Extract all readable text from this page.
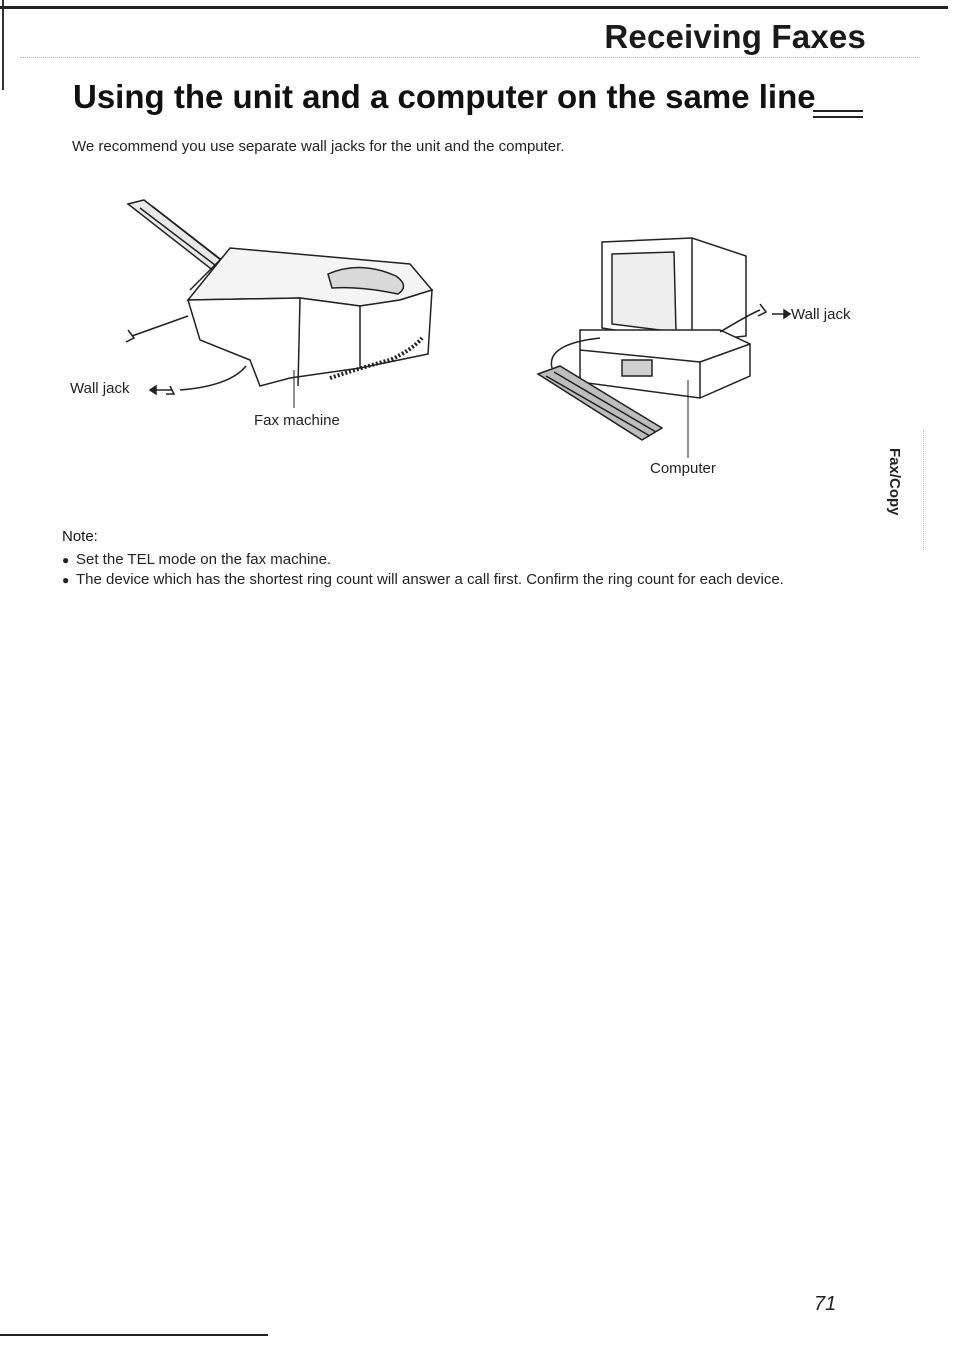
Receiving Faxes
Using the unit and a computer on the same line

We recommend you use separate wall jacks for the unit and the computer.

Wall jack
Fax machine
Wall jack
Computer
Note:
● Set the TEL mode on the fax machine.
● The device which has the shortest ring count will answer a call first. Confirm the ring count for each device.
Fax/Copy
71
